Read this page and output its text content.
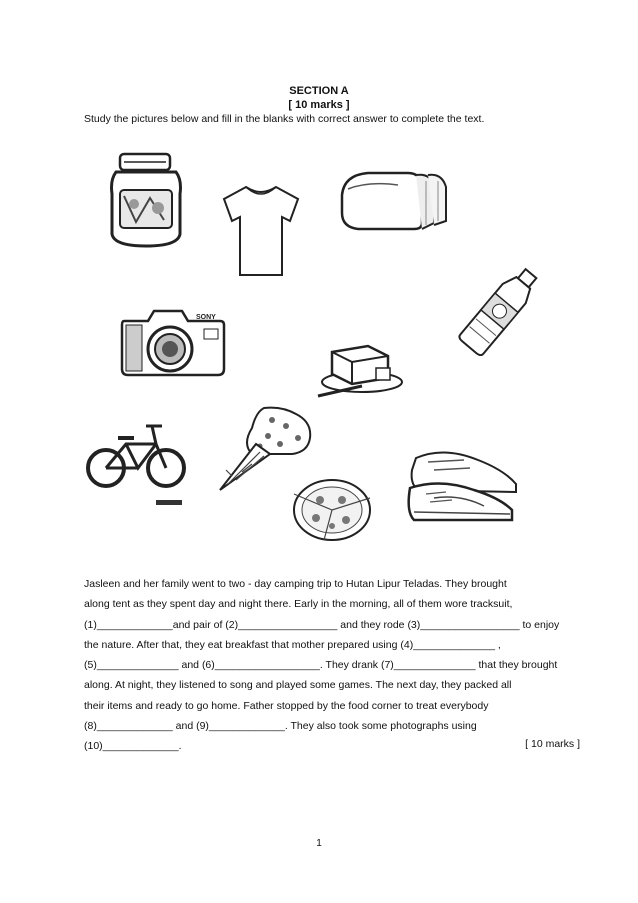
SECTION A
[ 10 marks ]
Study the pictures below and fill in the blanks with correct answer to complete the text.
SONY
Jasleen and her family went to two - day camping trip to Hutan Lipur Teladas. They brought
along tent as they spent day and night there. Early in the morning, all of them wore tracksuit,
(1)_____________and pair of (2)_________________ and they rode (3)_________________ to enjoy
the nature. After that, they eat breakfast that mother prepared using (4)______________ ,
(5)______________ and (6)__________________. They drank (7)______________ that they brought
along. At night, they listened to song and played some games. The next day, they packed all
their items and ready to go home. Father stopped by the food corner to treat everybody
(8)_____________ and (9)_____________. They also took some photographs using
(10)_____________.	[ 10 marks ]
1
